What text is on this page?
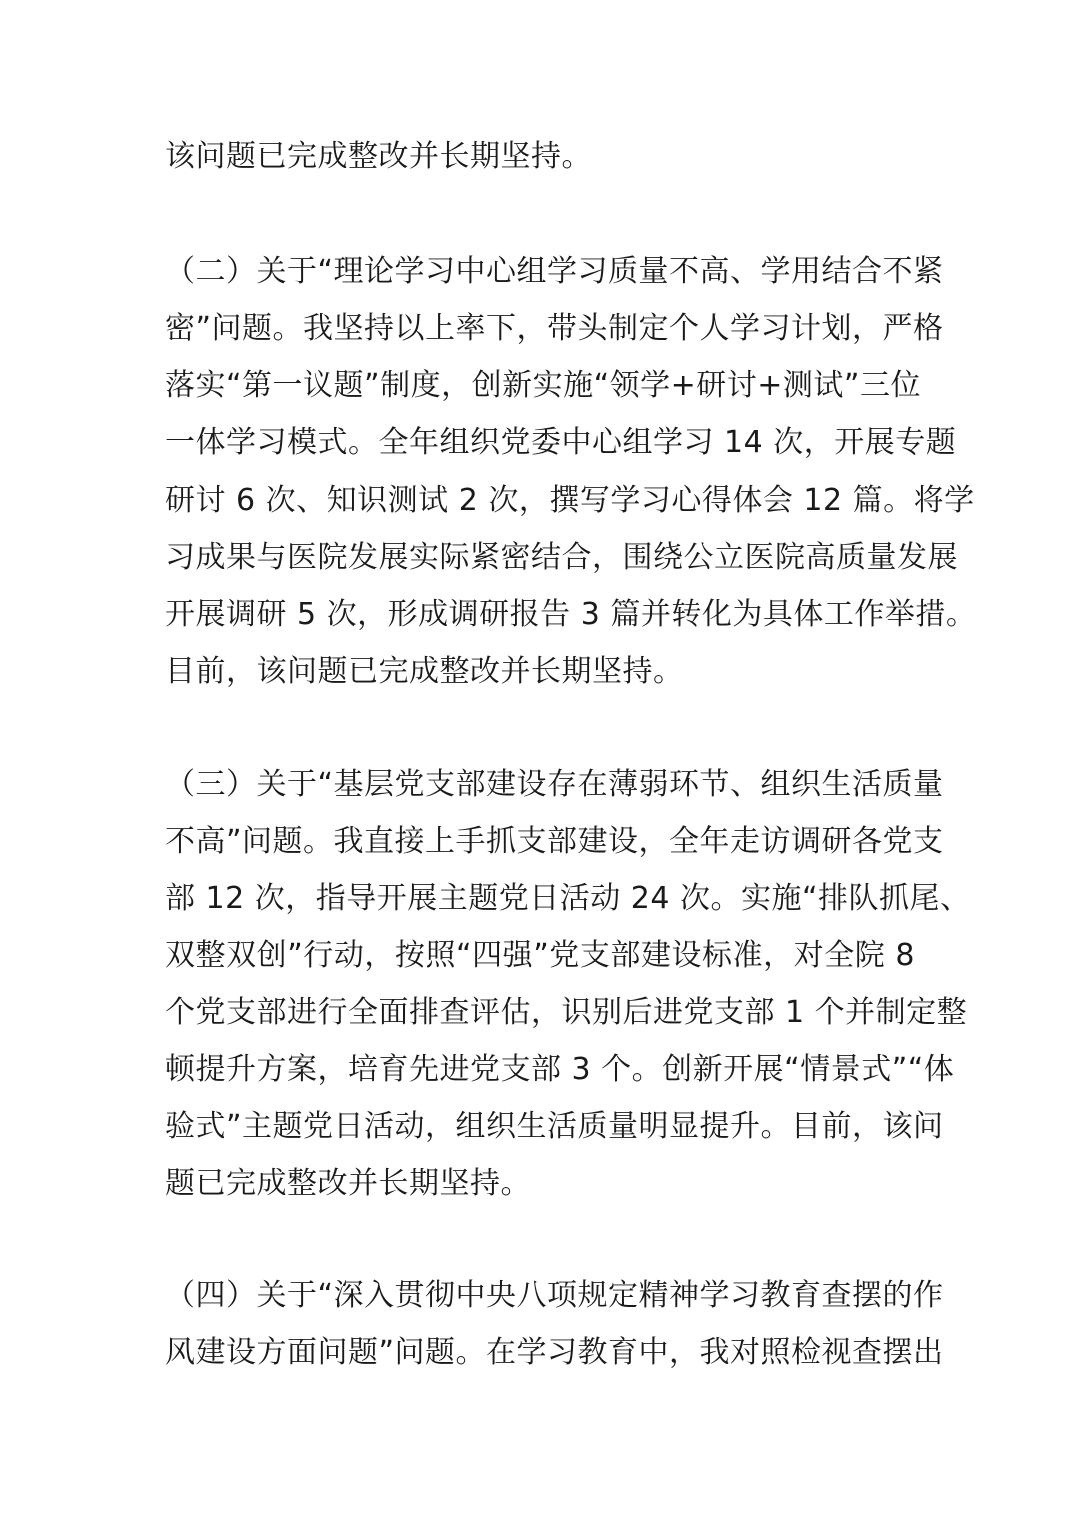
该问题已完成整改并长期坚持。

（二）关于“理论学习中心组学习质量不高、学用结合不紧

密”问题。我坚持以上率下，带头制定个人学习计划，严格

落实“第一议题”制度，创新实施“领学+研讨+测试”三位

一体学习模式。全年组织党委中心组学习 14 次，开展专题

研讨 6 次、知识测试 2 次，撰写学习心得体会 12 篇。将学

习成果与医院发展实际紧密结合，围绕公立医院高质量发展

开展调研 5 次，形成调研报告 3 篇并转化为具体工作举措。

目前，该问题已完成整改并长期坚持。

（三）关于“基层党支部建设存在薄弱环节、组织生活质量

不高”问题。我直接上手抓支部建设，全年走访调研各党支

部 12 次，指导开展主题党日活动 24 次。实施“排队抓尾、

双整双创”行动，按照“四强”党支部建设标准，对全院 8

个党支部进行全面排查评估，识别后进党支部 1 个并制定整

顿提升方案，培育先进党支部 3 个。创新开展“情景式”“体

验式”主题党日活动，组织生活质量明显提升。目前，该问

题已完成整改并长期坚持。

（四）关于“深入贯彻中央八项规定精神学习教育查摆的作

风建设方面问题”问题。在学习教育中，我对照检视查摆出
